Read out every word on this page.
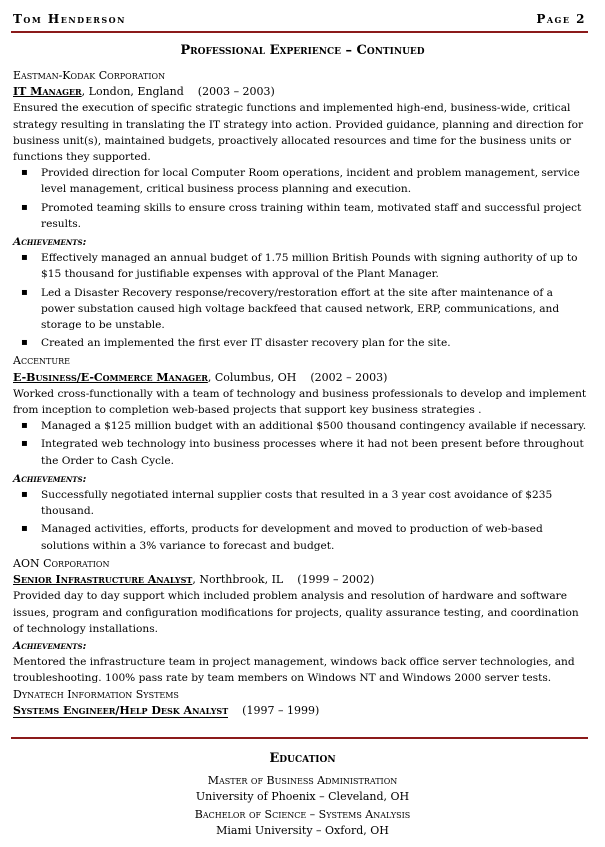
Tom Henderson	Page 2
Professional Experience – Continued
Eastman-Kodak Corporation
IT Manager, London, England (2003 – 2003)

Ensured the execution of specific strategic functions and implemented high-end, business-wide, critical strategy resulting in translating the IT strategy into action. Provided guidance, planning and direction for business unit(s), maintained budgets, proactively allocated resources and time for the business units or functions they supported.

▪ Provided direction for local Computer Room operations, incident and problem management, service level management, critical business process planning and execution.
▪ Promoted teaming skills to ensure cross training within team, motivated staff and successful project results.
Achievements:
▪ Effectively managed an annual budget of 1.75 million British Pounds with signing authority of up to $15 thousand for justifiable expenses with approval of the Plant Manager.
▪ Led a Disaster Recovery response/recovery/restoration effort at the site after maintenance of a power substation caused high voltage backfeed that caused network, ERP, communications, and storage to be unstable.
▪ Created an implemented the first ever IT disaster recovery plan for the site.
Accenture
E-Business/E-Commerce Manager, Columbus, OH (2002 – 2003)

Worked cross-functionally with a team of technology and business professionals to develop and implement from inception to completion web-based projects that support key business strategies .

▪ Managed a $125 million budget with an additional $500 thousand contingency available if necessary.
▪ Integrated web technology into business processes where it had not been present before throughout the Order to Cash Cycle.
Achievements:
▪ Successfully negotiated internal supplier costs that resulted in a 3 year cost avoidance of $235 thousand.
▪ Managed activities, efforts, products for development and moved to production of web-based solutions within a 3% variance to forecast and budget.
AON Corporation
Senior Infrastructure Analyst, Northbrook, IL (1999 – 2002)

Provided day to day support which included problem analysis and resolution of hardware and software issues, program and configuration modifications for projects, quality assurance testing, and coordination of technology installations.

Achievements:

Mentored the infrastructure team in project management, windows back office server technologies, and troubleshooting. 100% pass rate by team members on Windows NT and Windows 2000 server tests.

Dynatech Information Systems
Systems Engineer/Help Desk Analyst (1997 – 1999)
Education
Master of Business Administration
University of Phoenix – Cleveland, OH
Bachelor of Science – Systems Analysis
Miami University – Oxford, OH
